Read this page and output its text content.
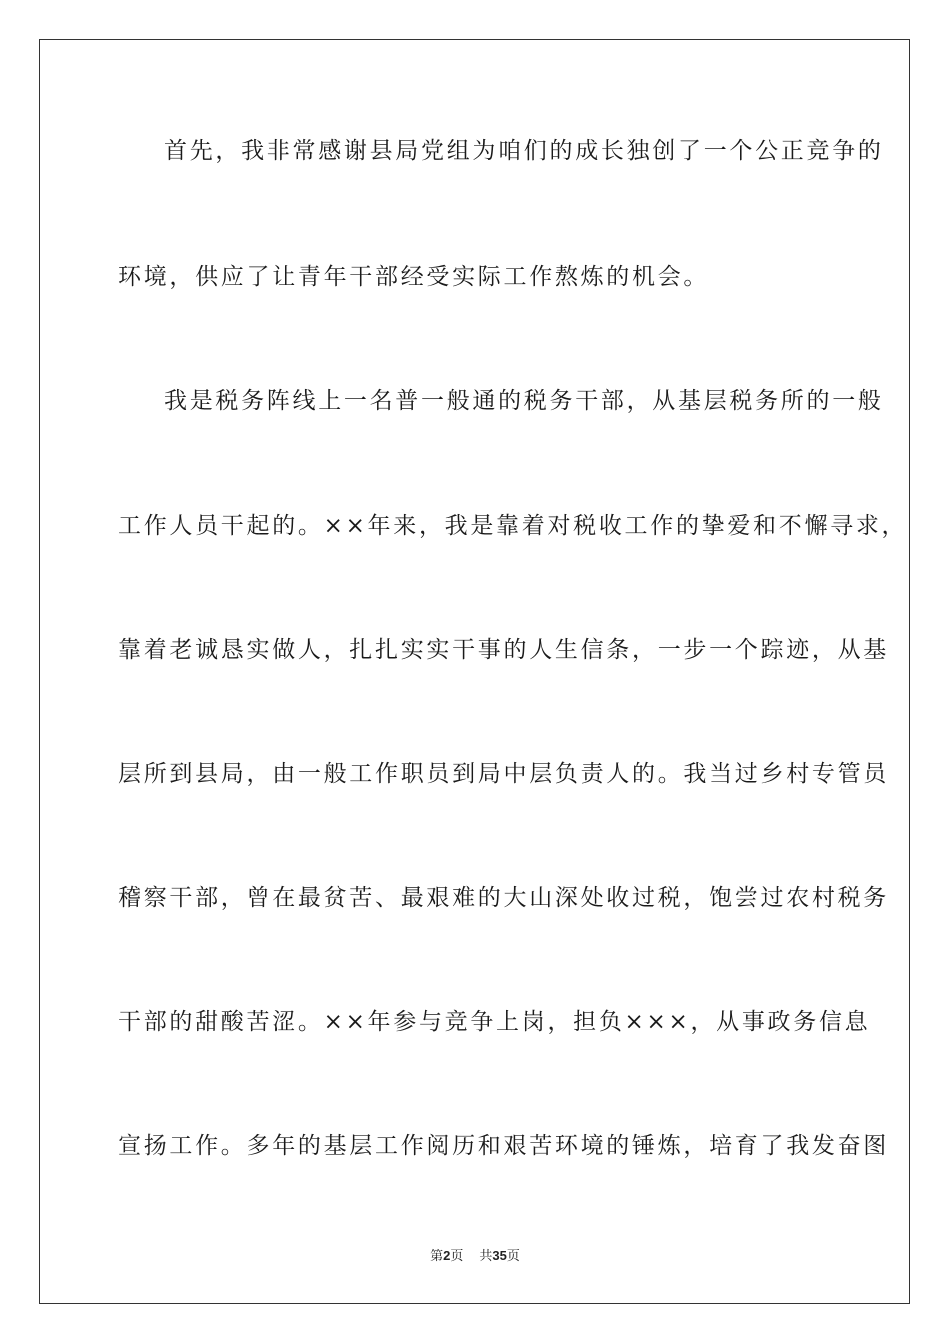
首先，我非常感谢县局党组为咱们的成长独创了一个公正竞争的
环境，供应了让青年干部经受实际工作熬炼的机会。
我是税务阵线上一名普一般通的税务干部，从基层税务所的一般
工作人员干起的。××年来，我是靠着对税收工作的挚爱和不懈寻求，
靠着老诚恳实做人，扎扎实实干事的人生信条，一步一个踪迹，从基
层所到县局，由一般工作职员到局中层负责人的。我当过乡村专管员
稽察干部，曾在最贫苦、最艰难的大山深处收过税，饱尝过农村税务
干部的甜酸苦涩。××年参与竞争上岗，担负×××，从事政务信息
宣扬工作。多年的基层工作阅历和艰苦环境的锤炼，培育了我发奋图
第2页 共35页
